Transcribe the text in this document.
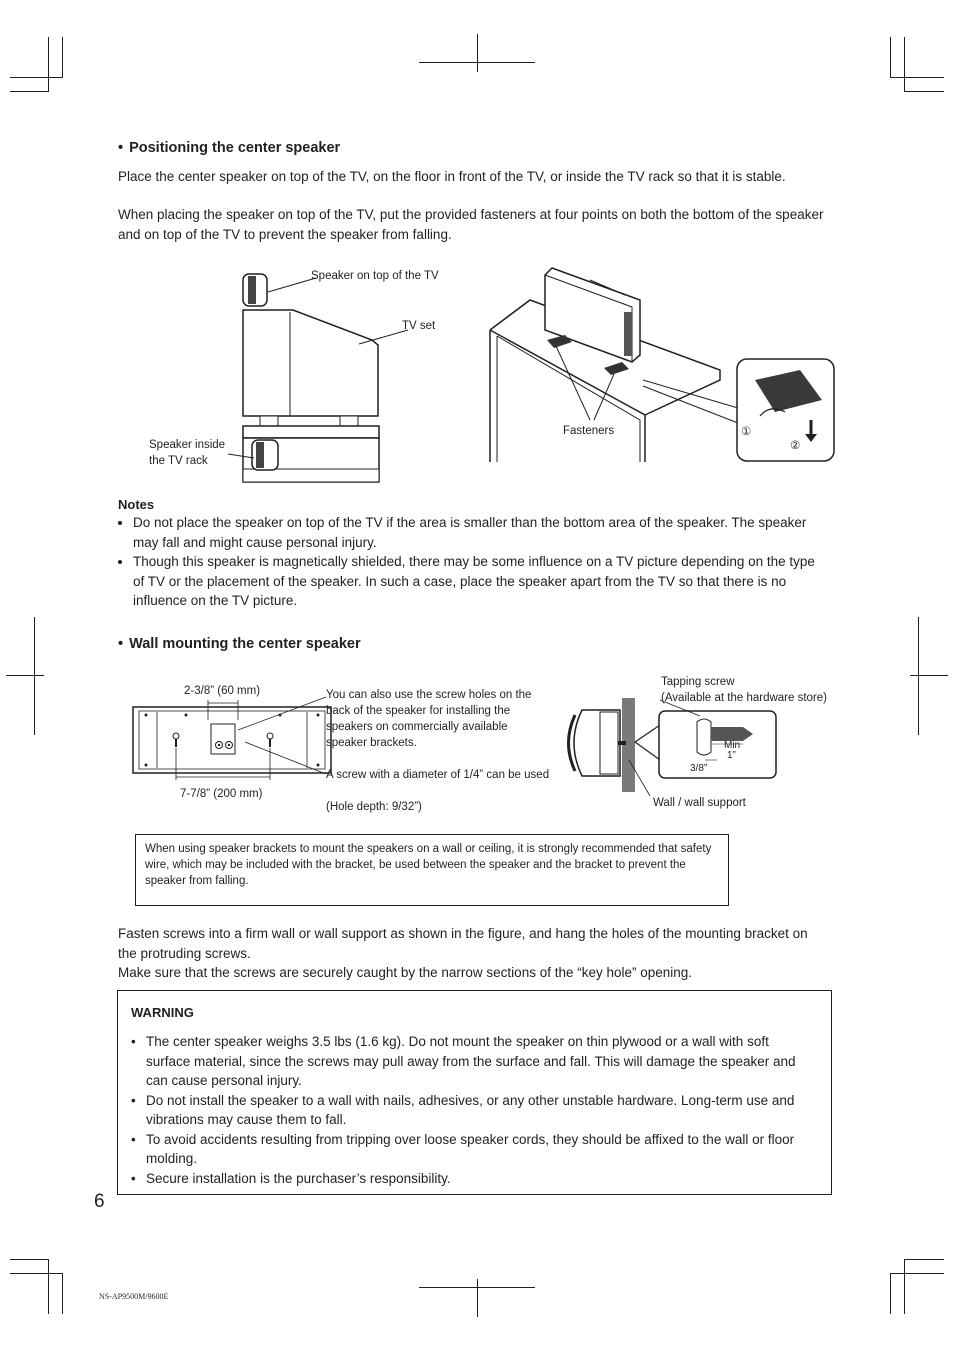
• Positioning the center speaker
Place the center speaker on top of the TV, on the floor in front of the TV, or inside the TV rack so that it is stable.
When placing the speaker on top of the TV, put the provided fasteners at four points on both the bottom of the speaker and on top of the TV to prevent the speaker from falling.
Speaker on top of the TV
TV set
Speaker inside
the TV rack
Fasteners	①
②
Notes
Do not place the speaker on top of the TV if the area is smaller than the bottom area of the speaker. The speaker may fall and might cause personal injury.
Though this speaker is magnetically shielded, there may be some influence on a TV picture depending on the type of TV or the placement of the speaker. In such a case, place the speaker apart from the TV so that there is no influence on the TV picture.
• Wall mounting the center speaker
2-3/8” (60 mm)
7-7/8” (200 mm)
You can also use the screw holes on the back of the speaker for installing the speakers on commercially available speaker brackets.
A screw with a diameter of 1/4” can be used
(Hole depth: 9/32”)
Tapping screw
(Available at the hardware store)
Min
1”
3/8”
Wall / wall support
When using speaker brackets to mount the speakers on a wall or ceiling, it is strongly recommended that safety wire, which may be included with the bracket, be used between the speaker and the bracket to prevent the speaker from falling.
Fasten screws into a firm wall or wall support as shown in the figure, and hang the holes of the mounting bracket on the protruding screws.
Make sure that the screws are securely caught by the narrow sections of the “key hole” opening.
WARNING
• The center speaker weighs 3.5 lbs (1.6 kg). Do not mount the speaker on thin plywood or a wall with soft surface material, since the screws may pull away from the surface and fall. This will damage the speaker and can cause personal injury.
• Do not install the speaker to a wall with nails, adhesives, or any other unstable hardware. Long-term use and vibrations may cause them to fall.
• To avoid accidents resulting from tripping over loose speaker cords, they should be affixed to the wall or floor molding.
• Secure installation is the purchaser’s responsibility.
6
NS-AP9500M/9600E
